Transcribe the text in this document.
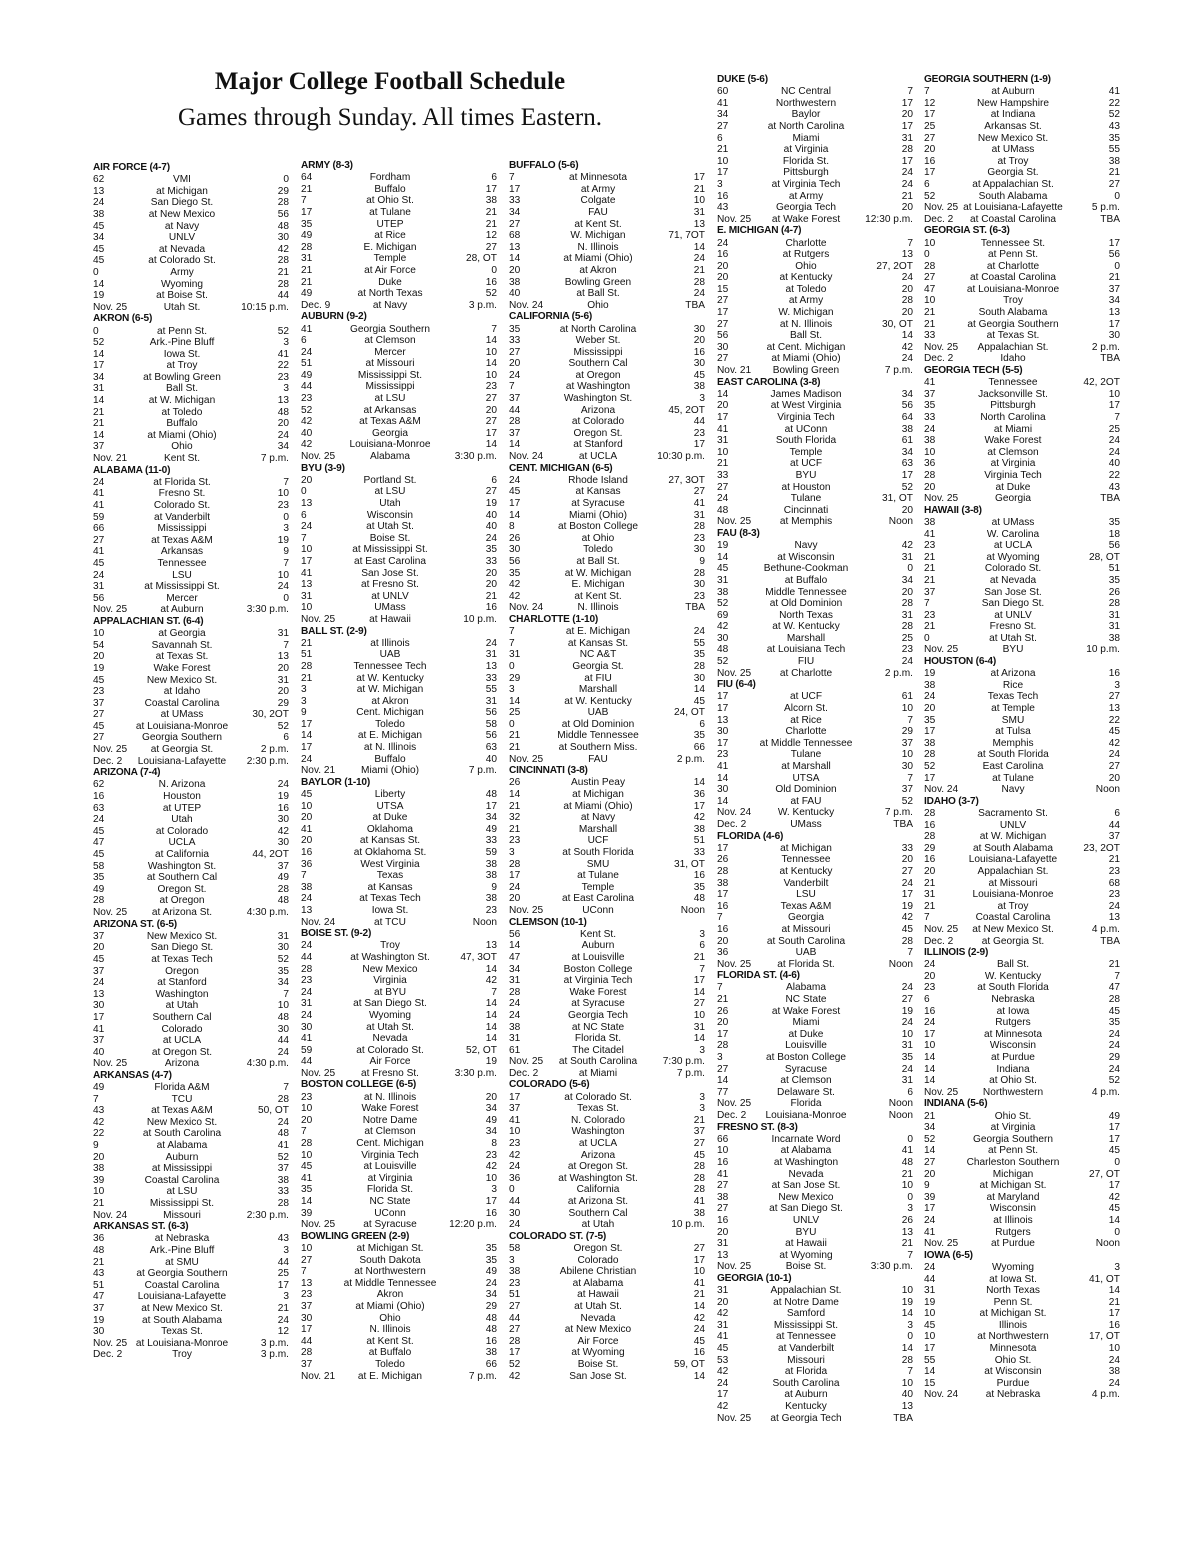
Major College Football Schedule
Games through Sunday. All times Eastern.
AIR FORCE (4-7)
62	VMI	0
13	at Michigan	29
24	San Diego St.	28
38	at New Mexico	56
45	at Navy	48
34	UNLV	30
45	at Nevada	42
45	at Colorado St.	28
0	Army	21
14	Wyoming	28
19	at Boise St.	44
Nov. 25	Utah St.	10:15 p.m.
AKRON (6-5)
0	at Penn St.	52
52	Ark.-Pine Bluff	3
14	Iowa St.	41
17	at Troy	22
34	at Bowling Green	23
31	Ball St.	3
14	at W. Michigan	13
21	at Toledo	48
21	Buffalo	20
14	at Miami (Ohio)	24
37	Ohio	34
Nov. 21	Kent St.	7 p.m.
ALABAMA (11-0)
24	at Florida St.	7
41	Fresno St.	10
41	Colorado St.	23
59	at Vanderbilt	0
66	Mississippi	3
27	at Texas A&M	19
41	Arkansas	9
45	Tennessee	7
24	LSU	10
31	at Mississippi St.	24
56	Mercer	0
Nov. 25	at Auburn	3:30 p.m.
APPALACHIAN ST. (6-4)
10	at Georgia	31
54	Savannah St.	7
20	at Texas St.	13
19	Wake Forest	20
45	New Mexico St.	31
23	at Idaho	20
37	Coastal Carolina	29
27	at UMass	30, 2OT
45	at Louisiana-Monroe	52
27	Georgia Southern	6
Nov. 25	at Georgia St.	2 p.m.
Dec. 2	Louisiana-Lafayette	2:30 p.m.
ARIZONA (7-4)
62	N. Arizona	24
16	Houston	19
63	at UTEP	16
24	Utah	30
45	at Colorado	42
47	UCLA	30
45	at California	44, 2OT
58	Washington St.	37
35	at Southern Cal	49
49	Oregon St.	28
28	at Oregon	48
Nov. 25	at Arizona St.	4:30 p.m.
ARIZONA ST. (6-5)
37	New Mexico St.	31
20	San Diego St.	30
45	at Texas Tech	52
37	Oregon	35
24	at Stanford	34
13	Washington	7
30	at Utah	10
17	Southern Cal	48
41	Colorado	30
37	at UCLA	44
40	at Oregon St.	24
Nov. 25	Arizona	4:30 p.m.
ARKANSAS (4-7)
49	Florida A&M	7
7	TCU	28
43	at Texas A&M	50, OT
42	New Mexico St.	24
22	at South Carolina	48
9	at Alabama	41
20	Auburn	52
38	at Mississippi	37
39	Coastal Carolina	38
10	at LSU	33
21	Mississippi St.	28
Nov. 24	Missouri	2:30 p.m.
ARKANSAS ST. (6-3)
36	at Nebraska	43
48	Ark.-Pine Bluff	3
21	at SMU	44
43	at Georgia Southern	25
51	Coastal Carolina	17
47	Louisiana-Lafayette	3
37	at New Mexico St.	21
19	at South Alabama	24
30	Texas St.	12
Nov. 25 at Louisiana-Monroe	3 p.m.
Dec. 2	Troy	3 p.m.
ARMY (8-3)
64	Fordham	6
21	Buffalo	17
7	at Ohio St.	38
17	at Tulane	21
35	UTEP	21
49	at Rice	12
28	E. Michigan	27
31	Temple	28, OT
21	at Air Force	0
21	Duke	16
49	at North Texas	52
Dec. 9	at Navy	3 p.m.
AUBURN (9-2)
41	Georgia Southern	7
6	at Clemson	14
24	Mercer	10
51	at Missouri	14
49	Mississippi St.	10
44	Mississippi	23
23	at LSU	27
52	at Arkansas	20
42	at Texas A&M	27
40	Georgia	17
42	Louisiana-Monroe	14
Nov. 25	Alabama	3:30 p.m.
BYU (3-9)
20	Portland St.	6
0	at LSU	27
13	Utah	19
6	Wisconsin	40
24	at Utah St.	40
7	Boise St.	24
10	at Mississippi St.	35
17	at East Carolina	33
41	San Jose St.	20
13	at Fresno St.	20
31	at UNLV	21
10	UMass	16
Nov. 25	at Hawaii	10 p.m.
BALL ST. (2-9)
21	at Illinois	24
51	UAB	31
28	Tennessee Tech	13
21	at W. Kentucky	33
3	at W. Michigan	55
3	at Akron	31
9	Cent. Michigan	56
17	Toledo	58
14	at E. Michigan	56
17	at N. Illinois	63
24	Buffalo	40
Nov. 21	Miami (Ohio)	7 p.m.
BAYLOR (1-10)
45	Liberty	48
10	UTSA	17
20	at Duke	34
41	Oklahoma	49
20	at Kansas St.	33
16	at Oklahoma St.	59
36	West Virginia	38
7	Texas	38
38	at Kansas	9
24	at Texas Tech	38
13	Iowa St.	23
Nov. 24	at TCU	Noon
BOISE ST. (9-2)
24	Troy	13
44	at Washington St.	47, 3OT
28	New Mexico	14
23	Virginia	42
24	at BYU	7
31	at San Diego St.	14
24	Wyoming	14
30	at Utah St.	14
41	Nevada	14
59	at Colorado St.	52, OT
44	Air Force	19
Nov. 25	at Fresno St.	3:30 p.m.
BOSTON COLLEGE (6-5)
23	at N. Illinois	20
10	Wake Forest	34
20	Notre Dame	49
7	at Clemson	34
28	Cent. Michigan	8
10	Virginia Tech	23
45	at Louisville	42
41	at Virginia	10
35	Florida St.	3
14	NC State	17
39	UConn	16
Nov. 25	at Syracuse	12:20 p.m.
BOWLING GREEN (2-9)
10	at Michigan St.	35
27	South Dakota	35
7	at Northwestern	49
13	at Middle Tennessee	24
23	Akron	34
37	at Miami (Ohio)	29
30	Ohio	48
17	N. Illinois	48
44	at Kent St.	16
28	at Buffalo	38
37	Toledo	66
Nov. 21	at E. Michigan	7 p.m.
BUFFALO (5-6)
7	at Minnesota	17
17	at Army	21
33	Colgate	10
34	FAU	31
27	at Kent St.	13
68	W. Michigan	71, 7OT
13	N. Illinois	14
14	at Miami (Ohio)	24
20	at Akron	21
38	Bowling Green	28
40	at Ball St.	24
Nov. 24	Ohio	TBA
CALIFORNIA (5-6)
35	at North Carolina	30
33	Weber St.	20
27	Mississippi	16
20	Southern Cal	30
24	at Oregon	45
7	at Washington	38
37	Washington St.	3
44	Arizona	45, 2OT
28	at Colorado	44
37	Oregon St.	23
14	at Stanford	17
Nov. 24	at UCLA	10:30 p.m.
CENT. MICHIGAN (6-5)
24	Rhode Island	27, 3OT
45	at Kansas	27
17	at Syracuse	41
14	Miami (Ohio)	31
8	at Boston College	28
26	at Ohio	23
30	Toledo	30
56	at Ball St.	9
35	at W. Michigan	28
42	E. Michigan	30
42	at Kent St.	23
Nov. 24	N. Illinois	TBA
CHARLOTTE (1-10)
7	at E. Michigan	24
7	at Kansas St.	55
31	NC A&T	35
0	Georgia St.	28
29	at FIU	30
3	Marshall	14
14	at W. Kentucky	45
25	UAB	24, OT
0	at Old Dominion	6
21	Middle Tennessee	35
21	at Southern Miss.	66
Nov. 25	FAU	2 p.m.
CINCINNATI (3-8)
26	Austin Peay	14
14	at Michigan	36
21	at Miami (Ohio)	17
32	at Navy	42
21	Marshall	38
23	UCF	51
3	at South Florida	33
28	SMU	31, OT
17	at Tulane	16
24	Temple	35
20	at East Carolina	48
Nov. 25	UConn	Noon
CLEMSON (10-1)
56	Kent St.	3
14	Auburn	6
47	at Louisville	21
34	Boston College	7
31	at Virginia Tech	17
28	Wake Forest	14
24	at Syracuse	27
24	Georgia Tech	10
38	at NC State	31
31	Florida St.	14
61	The Citadel	3
Nov. 25	at South Carolina	7:30 p.m.
Dec. 2	at Miami	7 p.m.
COLORADO (5-6)
17	at Colorado St.	3
37	Texas St.	3
41	N. Colorado	21
10	Washington	37
23	at UCLA	27
42	Arizona	45
24	at Oregon St.	28
36	at Washington St.	28
0	California	28
44	at Arizona St.	41
30	Southern Cal	38
24	at Utah	10 p.m.
COLORADO ST. (7-5)
58	Oregon St.	27
3	Colorado	17
38	Abilene Christian	10
23	at Alabama	41
51	at Hawaii	21
27	at Utah St.	14
44	Nevada	42
27	at New Mexico	24
28	Air Force	45
17	at Wyoming	16
52	Boise St.	59, OT
42	San Jose St.	14
DUKE (5-6)
60	NC Central	7
41	Northwestern	17
34	Baylor	20
27	at North Carolina	17
6	Miami	31
21	at Virginia	28
10	Florida St.	17
17	Pittsburgh	24
3	at Virginia Tech	24
16	at Army	21
43	Georgia Tech	20
Nov. 25	at Wake Forest	12:30 p.m.
E. MICHIGAN (4-7)
24	Charlotte	7
16	at Rutgers	13
20	Ohio	27, 2OT
20	at Kentucky	24
15	at Toledo	20
27	at Army	28
17	W. Michigan	20
27	at N. Illinois	30, OT
56	Ball St.	14
30	at Cent. Michigan	42
27	at Miami (Ohio)	24
Nov. 21	Bowling Green	7 p.m.
EAST CAROLINA (3-8)
14	James Madison	34
20	at West Virginia	56
17	Virginia Tech	64
41	at UConn	38
31	South Florida	61
10	Temple	34
21	at UCF	63
33	BYU	17
27	at Houston	52
24	Tulane	31, OT
48	Cincinnati	20
Nov. 25	at Memphis	Noon
FAU (8-3)
19	Navy	42
14	at Wisconsin	31
45	Bethune-Cookman	0
31	at Buffalo	34
38	Middle Tennessee	20
52	at Old Dominion	28
69	North Texas	31
42	at W. Kentucky	28
30	Marshall	25
48	at Louisiana Tech	23
52	FIU	24
Nov. 25	at Charlotte	2 p.m.
FIU (6-4)
17	at UCF	61
17	Alcorn St.	10
13	at Rice	7
30	Charlotte	29
17	at Middle Tennessee	37
23	Tulane	10
41	at Marshall	30
14	UTSA	7
30	Old Dominion	37
14	at FAU	52
Nov. 24	W. Kentucky	7 p.m.
Dec. 2	UMass	TBA
FLORIDA (4-6)
17	at Michigan	33
26	Tennessee	20
28	at Kentucky	27
38	Vanderbilt	24
17	LSU	17
16	Texas A&M	19
7	Georgia	42
16	at Missouri	45
20	at South Carolina	28
36	UAB	7
Nov. 25	at Florida St.	Noon
FLORIDA ST. (4-6)
7	Alabama	24
21	NC State	27
26	at Wake Forest	19
20	Miami	24
17	at Duke	10
28	Louisville	31
3	at Boston College	35
27	Syracuse	24
14	at Clemson	31
77	Delaware St.	6
Nov. 25	Florida	Noon
Dec. 2	Louisiana-Monroe	Noon
FRESNO ST. (8-3)
66	Incarnate Word	0
10	at Alabama	41
16	at Washington	48
41	Nevada	21
27	at San Jose St.	10
38	New Mexico	0
27	at San Diego St.	3
16	UNLV	26
20	BYU	13
31	at Hawaii	21
13	at Wyoming	7
Nov. 25	Boise St.	3:30 p.m.
GEORGIA (10-1)
31	Appalachian St.	10
20	at Notre Dame	19
42	Samford	14
31	Mississippi St.	3
41	at Tennessee	0
45	at Vanderbilt	14
53	Missouri	28
42	at Florida	7
24	South Carolina	10
17	at Auburn	40
42	Kentucky	13
Nov. 25	at Georgia Tech	TBA
GEORGIA SOUTHERN (1-9)
7	at Auburn	41
12	New Hampshire	22
17	at Indiana	52
25	Arkansas St.	43
27	New Mexico St.	35
20	at UMass	55
16	at Troy	38
17	Georgia St.	21
6	at Appalachian St.	27
52	South Alabama	0
Nov. 25 at Louisiana-Lafayette	5 p.m.
Dec. 2	at Coastal Carolina	TBA
GEORGIA ST. (6-3)
10	Tennessee St.	17
0	at Penn St.	56
28	at Charlotte	0
27	at Coastal Carolina	21
47	at Louisiana-Monroe	37
10	Troy	34
21	South Alabama	13
21	at Georgia Southern	17
33	at Texas St.	30
Nov. 25	Appalachian St.	2 p.m.
Dec. 2	Idaho	TBA
GEORGIA TECH (5-5)
41	Tennessee	42, 2OT
37	Jacksonville St.	10
35	Pittsburgh	17
33	North Carolina	7
24	at Miami	25
38	Wake Forest	24
10	at Clemson	24
36	at Virginia	40
28	Virginia Tech	22
20	at Duke	43
Nov. 25	Georgia	TBA
HAWAII (3-8)
38	at UMass	35
41	W. Carolina	18
23	at UCLA	56
21	at Wyoming	28, OT
21	Colorado St.	51
21	at Nevada	35
37	San Jose St.	26
7	San Diego St.	28
23	at UNLV	31
21	Fresno St.	31
0	at Utah St.	38
Nov. 25	BYU	10 p.m.
HOUSTON (6-4)
19	at Arizona	16
38	Rice	3
24	Texas Tech	27
20	at Temple	13
35	SMU	22
17	at Tulsa	45
38	Memphis	42
28	at South Florida	24
52	East Carolina	27
17	at Tulane	20
Nov. 24	Navy	Noon
IDAHO (3-7)
28	Sacramento St.	6
16	UNLV	44
28	at W. Michigan	37
29	at South Alabama	23, 2OT
16	Louisiana-Lafayette	21
20	Appalachian St.	23
21	at Missouri	68
31	Louisiana-Monroe	23
21	at Troy	24
7	Coastal Carolina	13
Nov. 25	at New Mexico St.	4 p.m.
Dec. 2	at Georgia St.	TBA
ILLINOIS (2-9)
24	Ball St.	21
20	W. Kentucky	7
23	at South Florida	47
6	Nebraska	28
16	at Iowa	45
24	Rutgers	35
17	at Minnesota	24
10	Wisconsin	24
14	at Purdue	29
14	Indiana	24
14	at Ohio St.	52
Nov. 25	Northwestern	4 p.m.
INDIANA (5-6)
21	Ohio St.	49
34	at Virginia	17
52	Georgia Southern	17
14	at Penn St.	45
27	Charleston Southern	0
20	Michigan	27, OT
9	at Michigan St.	17
39	at Maryland	42
17	Wisconsin	45
24	at Illinois	14
41	Rutgers	0
Nov. 25	at Purdue	Noon
IOWA (6-5)
24	Wyoming	3
44	at Iowa St.	41, OT
31	North Texas	14
19	Penn St.	21
10	at Michigan St.	17
45	Illinois	16
10	at Northwestern	17, OT
17	Minnesota	10
55	Ohio St.	24
14	at Wisconsin	38
15	Purdue	24
Nov. 24	at Nebraska	4 p.m.
